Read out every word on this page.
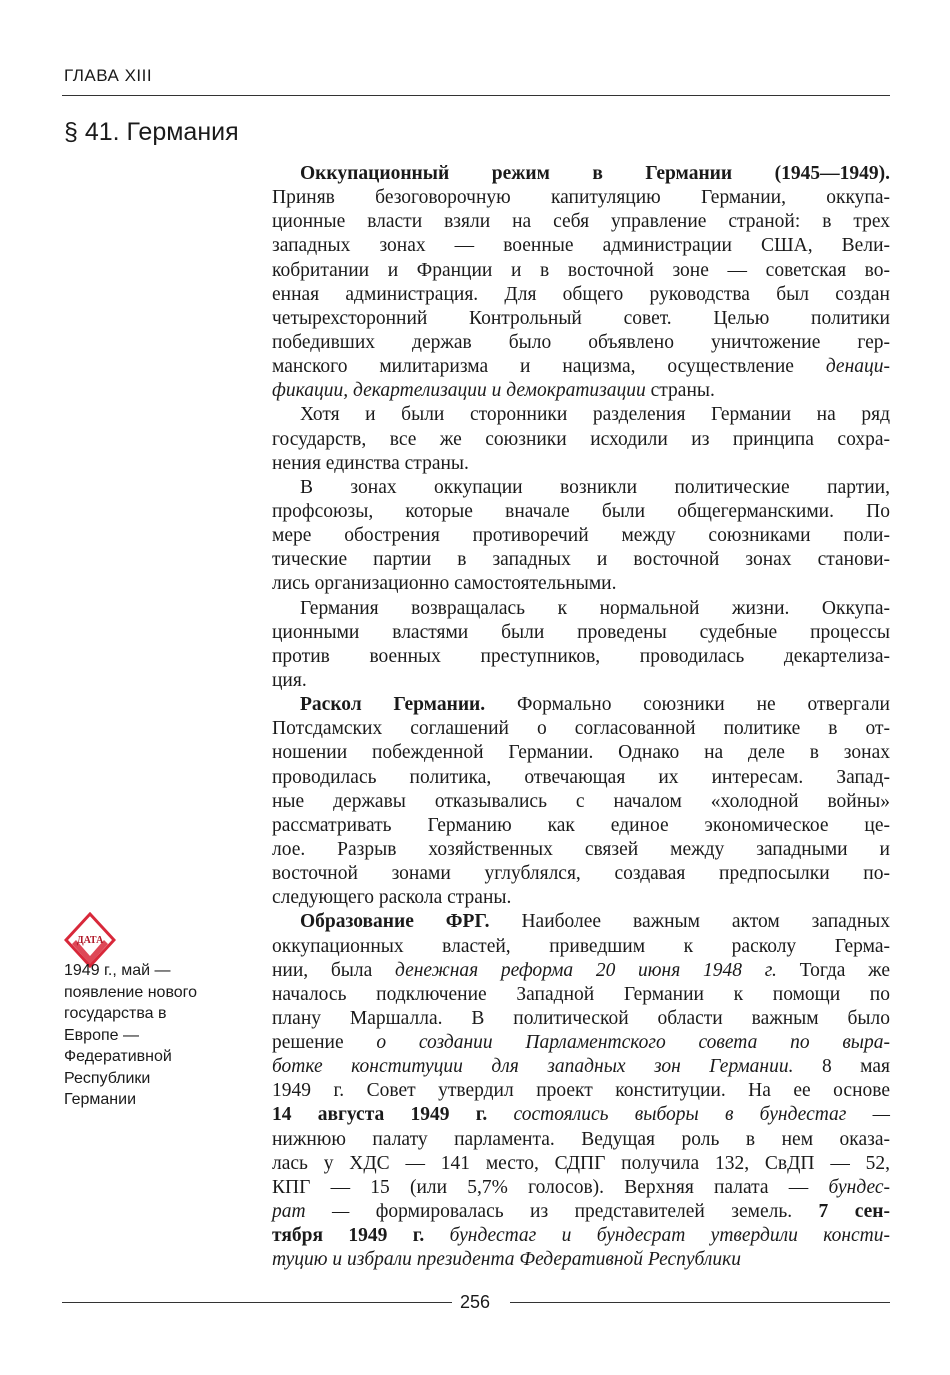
ГЛАВА XIII
§ 41. Германия
Оккупационный режим в Германии (1945—1949).
Приняв безоговорочную капитуляцию Германии, оккупа-
ционные власти взяли на себя управление страной: в трех
западных зонах — военные администрации США, Вели-
кобритании и Франции и в восточной зоне — советская во-
енная администрация. Для общего руководства был создан
четырехсторонний Контрольный совет. Целью политики
победивших держав было объявлено уничтожение гер-
манского милитаризма и нацизма, осуществление денаци-
фикации, декартелизации и демократизации страны.
Хотя и были сторонники разделения Германии на ряд
государств, все же союзники исходили из принципа сохра-
нения единства страны.
В зонах оккупации возникли политические партии,
профсоюзы, которые вначале были общегерманскими. По
мере обострения противоречий между союзниками поли-
тические партии в западных и восточной зонах станови-
лись организационно самостоятельными.
Германия возвращалась к нормальной жизни. Оккупа-
ционными властями были проведены судебные процессы
против военных преступников, проводилась декартелиза-
ция.
Раскол Германии. Формально союзники не отвергали
Потсдамских соглашений о согласованной политике в от-
ношении побежденной Германии. Однако на деле в зонах
проводилась политика, отвечающая их интересам. Запад-
ные державы отказывались с началом «холодной войны»
рассматривать Германию как единое экономическое це-
лое. Разрыв хозяйственных связей между западными и
восточной зонами углублялся, создавая предпосылки по-
следующего раскола страны.
Образование ФРГ. Наиболее важным актом западных
оккупационных властей, приведшим к расколу Герма-
нии, была денежная реформа 20 июня 1948 г. Тогда же
началось подключение Западной Германии к помощи по
плану Маршалла. В политической области важным было
решение о создании Парламентского совета по выра-
ботке конституции для западных зон Германии. 8 мая
1949 г. Совет утвердил проект конституции. На ее основе
14 августа 1949 г. состоялись выборы в бундестаг —
нижнюю палату парламента. Ведущая роль в нем оказа-
лась у ХДС — 141 место, СДПГ получила 132, СвДП — 52,
КПГ — 15 (или 5,7% голосов). Верхняя палата — бундес-
рат — формировалась из представителей земель. 7 сен-
тября 1949 г. бундестаг и бундесрат утвердили консти-
туцию и избрали президента Федеративной Республики
ДАТА
1949 г., май —
появление нового
государства в
Европе —
Федеративной
Республики
Германии
256
